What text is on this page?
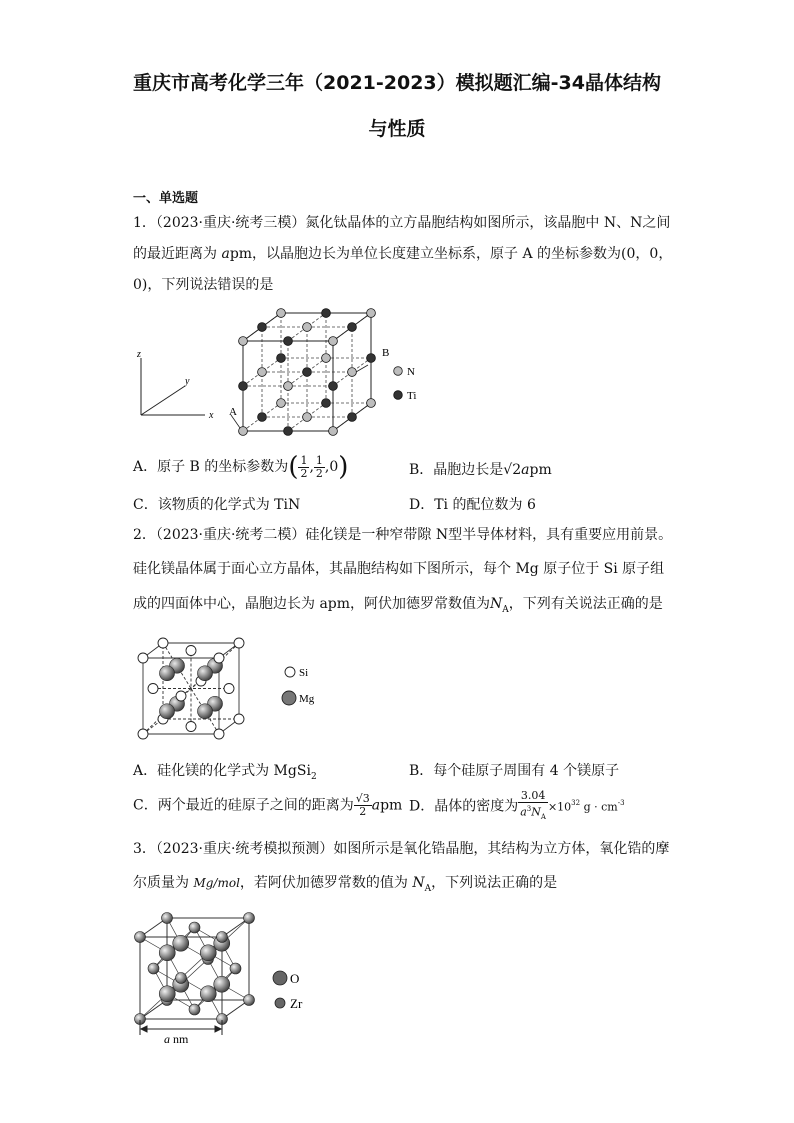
重庆市高考化学三年（2021-2023）模拟题汇编-34晶体结构
与性质
一、单选题
1．（2023·重庆·统考三模）氮化钛晶体的立方晶胞结构如图所示，该晶胞中 N、N之间
的最近距离为 apm，以晶胞边长为单位长度建立坐标系，原子 A 的坐标参数为(0，0，
0)，下列说法错误的是
z
y
x A
B
N
Ti
A．原子 B 的坐标参数为( $\frac{1}{2}$ , $\frac{1}{2} ,0$)	B．晶胞边长是√2apm
C．该物质的化学式为 TiN	D．Ti 的配位数为 6
2．（2023·重庆·统考二模）硅化镁是一种窄带隙 N型半导体材料，具有重要应用前景。
硅化镁晶体属于面心立方晶体，其晶胞结构如下图所示，每个 Mg 原子位于 Si 原子组
成的四面体中心，晶胞边长为 apm，阿伏加德罗常数值为$N_A$，下列有关说法正确的是
Si
Mg
A．硅化镁的化学式为 MgSi$_2$	B．每个硅原子周围有 4 个镁原子
C．两个最近的硅原子之间的距离为 $\frac{√3}{2}$ apm D．晶体的密度为 $\frac{3.04}{a^3N_A} \times 10^{32}$ $g \cdot cm^{-3}$
3．（2023·重庆·统考模拟预测）如图所示是氧化锆晶胞，其结构为立方体，氧化锆的摩
尔质量为 Mg/mol，若阿伏加德罗常数的值为 $N_A$，下列说法正确的是
a nm
O
Zr
